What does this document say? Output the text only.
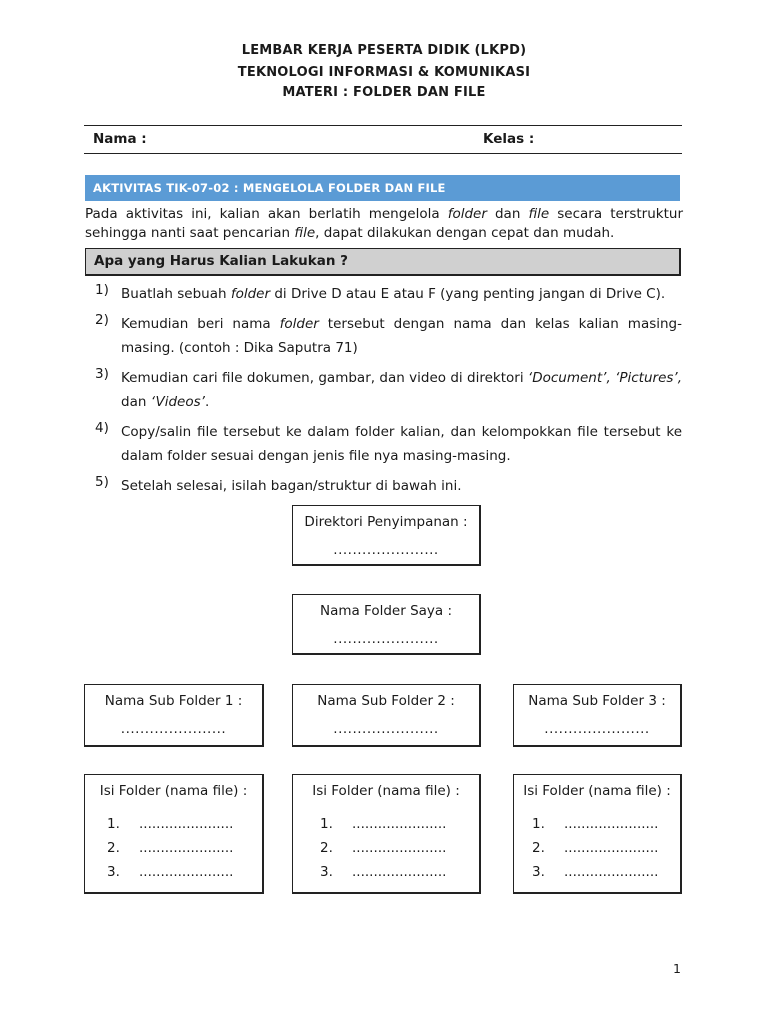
LEMBAR KERJA PESERTA DIDIK (LKPD)
TEKNOLOGI INFORMASI & KOMUNIKASI
MATERI : FOLDER DAN FILE
Nama :	Kelas :
AKTIVITAS TIK-07-02 : MENGELOLA FOLDER DAN FILE
Pada aktivitas ini, kalian akan berlatih mengelola folder dan file secara terstruktur sehingga nanti saat pencarian file, dapat dilakukan dengan cepat dan mudah.
Apa yang Harus Kalian Lakukan ?
1) Buatlah sebuah folder di Drive D atau E atau F (yang penting jangan di Drive C).
2) Kemudian beri nama folder tersebut dengan nama dan kelas kalian masing-masing. (contoh : Dika Saputra 71)
3) Kemudian cari file dokumen, gambar, dan video di direktori ‘Document’, ‘Pictures’, dan ‘Videos’.
4) Copy/salin file tersebut ke dalam folder kalian, dan kelompokkan file tersebut ke dalam folder sesuai dengan jenis file nya masing-masing.
5) Setelah selesai, isilah bagan/struktur di bawah ini.
Direktori Penyimpanan :
......................
Nama Folder Saya :
......................
Nama Sub Folder 1 :
......................
Nama Sub Folder 2 :
......................
Nama Sub Folder 3 :
......................
Isi Folder (nama file) :
1. ......................
2. ......................
3. ......................
Isi Folder (nama file) :
1. ......................
2. ......................
3. ......................
Isi Folder (nama file) :
1. ......................
2. ......................
3. ......................
1
